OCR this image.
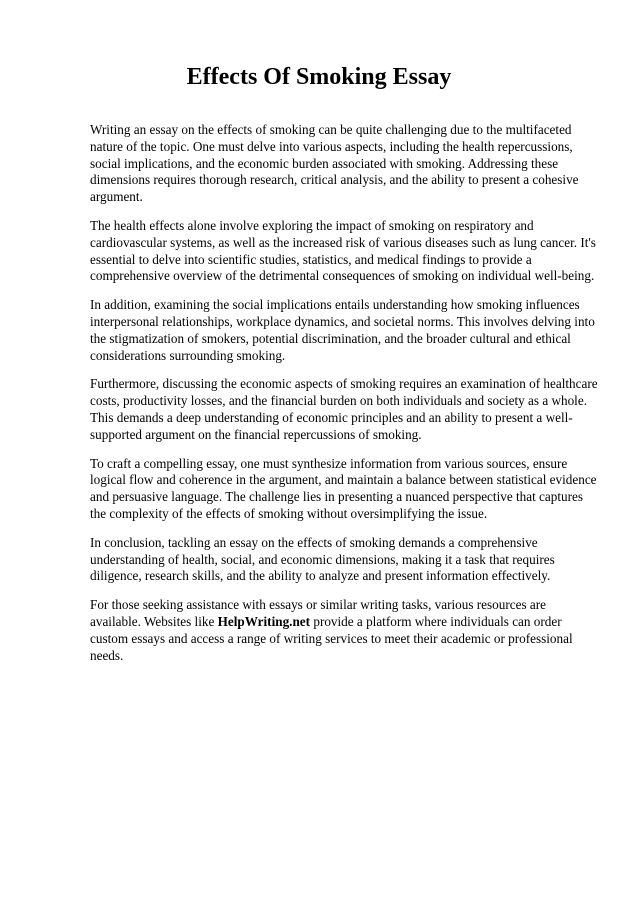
Effects Of Smoking Essay

Writing an essay on the effects of smoking can be quite challenging due to the multifaceted nature of the topic. One must delve into various aspects, including the health repercussions, social implications, and the economic burden associated with smoking. Addressing these dimensions requires thorough research, critical analysis, and the ability to present a cohesive argument.

The health effects alone involve exploring the impact of smoking on respiratory and cardiovascular systems, as well as the increased risk of various diseases such as lung cancer. It's essential to delve into scientific studies, statistics, and medical findings to provide a comprehensive overview of the detrimental consequences of smoking on individual well-being.

In addition, examining the social implications entails understanding how smoking influences interpersonal relationships, workplace dynamics, and societal norms. This involves delving into the stigmatization of smokers, potential discrimination, and the broader cultural and ethical considerations surrounding smoking.

Furthermore, discussing the economic aspects of smoking requires an examination of healthcare costs, productivity losses, and the financial burden on both individuals and society as a whole. This demands a deep understanding of economic principles and an ability to present a well-supported argument on the financial repercussions of smoking.

To craft a compelling essay, one must synthesize information from various sources, ensure logical flow and coherence in the argument, and maintain a balance between statistical evidence and persuasive language. The challenge lies in presenting a nuanced perspective that captures the complexity of the effects of smoking without oversimplifying the issue.

In conclusion, tackling an essay on the effects of smoking demands a comprehensive understanding of health, social, and economic dimensions, making it a task that requires diligence, research skills, and the ability to analyze and present information effectively.

For those seeking assistance with essays or similar writing tasks, various resources are available. Websites like HelpWriting.net provide a platform where individuals can order custom essays and access a range of writing services to meet their academic or professional needs.
